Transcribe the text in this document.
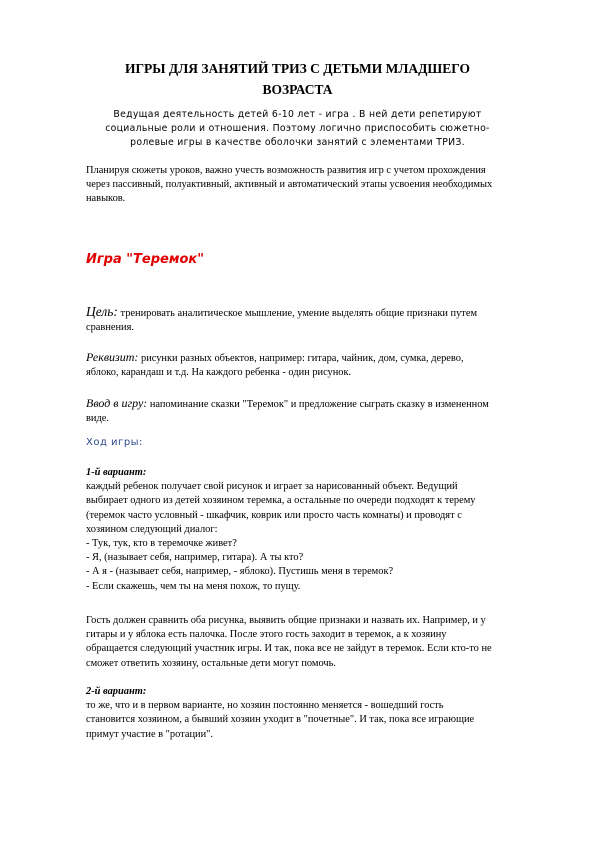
ИГРЫ ДЛЯ ЗАНЯТИЙ ТРИЗ С ДЕТЬМИ МЛАДШЕГО
ВОЗРАСТА
Ведущая деятельность детей 6-10 лет - игра . В ней дети репетируют
социальные роли и отношения. Поэтому логично приспособить сюжетно-
ролевые игры в качестве оболочки занятий с элементами ТРИЗ.
Планируя сюжеты уроков, важно учесть возможность развития игр с учетом прохождения
через пассивный, полуактивный, активный и автоматический этапы усвоения необходимых
навыков.
Игра "Теремок"
Цель: тренировать аналитическое мышление, умение выделять общие признаки путем
сравнения.
Реквизит: рисунки разных объектов, например: гитара, чайник, дом, сумка, дерево,
яблоко, карандаш и т.д. На каждого ребенка - один рисунок.
Ввод в игру: напоминание сказки "Теремок" и предложение сыграть сказку в измененном
виде.
Ход игры:
1-й вариант:
каждый ребенок получает свой рисунок и играет за нарисованный объект. Ведущий
выбирает одного из детей хозяином теремка, а остальные по очереди подходят к терему
(теремок часто условный - шкафчик, коврик или просто часть комнаты) и проводят с
хозяином следующий диалог:
- Тук, тук, кто в теремочке живет?
- Я, (называет себя, например, гитара). А ты кто?
- А я - (называет себя, например, - яблоко). Пустишь меня в теремок?
- Если скажешь, чем ты на меня похож, то пущу.
Гость должен сравнить оба рисунка, выявить общие признаки и назвать их. Например, и у
гитары и у яблока есть палочка. После этого гость заходит в теремок, а к хозяину
обращается следующий участник игры. И так, пока все не зайдут в теремок. Если кто-то не
сможет ответить хозяину, остальные дети могут помочь.
2-й вариант:
то же, что и в первом варианте, но хозяин постоянно меняется - вошедший гость
становится хозяином, а бывший хозяин уходит в "почетные". И так, пока все играющие
примут участие в "ротации".
